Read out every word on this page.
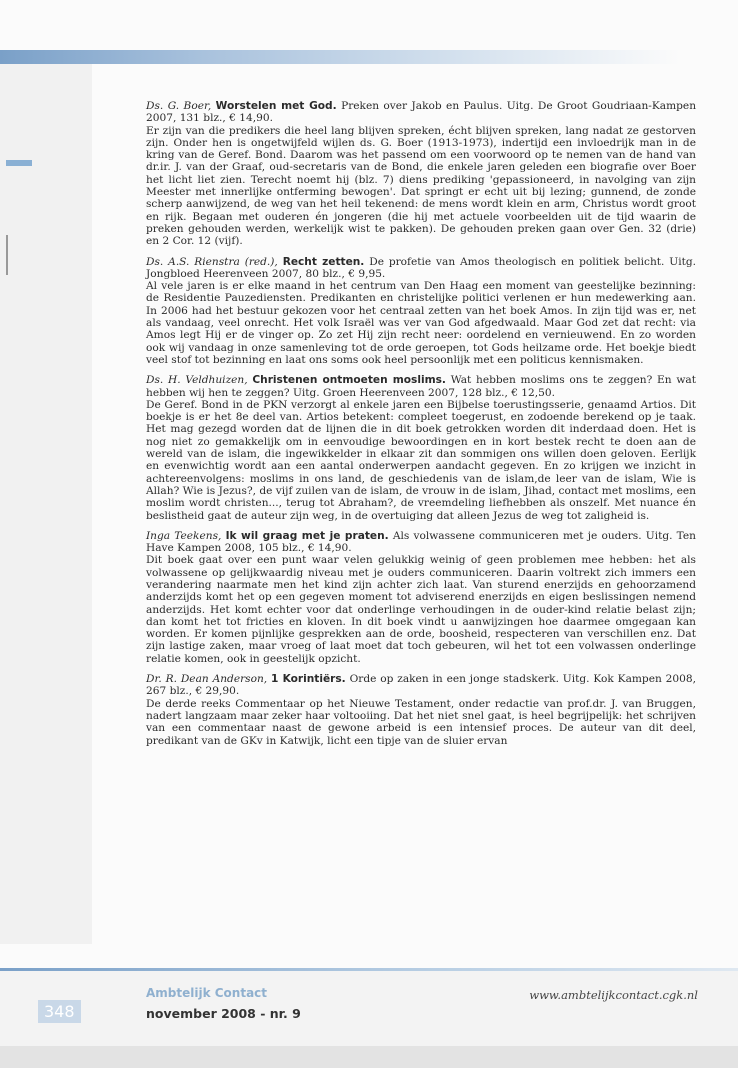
Ds. G. Boer, Worstelen met God. Preken over Jakob en Paulus. Uitg. De Groot Goudriaan-Kampen 2007, 131 blz., € 14,90.

Er zijn van die predikers die heel lang blijven spreken, écht blijven spreken, lang nadat ze gestorven zijn. Onder hen is ongetwijfeld wijlen ds. G. Boer (1913-1973), indertijd een invloedrijk man in de kring van de Geref. Bond. Daarom was het passend om een voorwoord op te nemen van de hand van dr.ir. J. van der Graaf, oud-secretaris van de Bond, die enkele jaren geleden een biografie over Boer het licht liet zien. Terecht noemt hij (blz. 7) diens prediking 'gepassioneerd, in navolging van zijn Meester met innerlijke ontferming bewogen'. Dat springt er echt uit bij lezing; gunnend, de zonde scherp aanwijzend, de weg van het heil tekenend: de mens wordt klein en arm, Christus wordt groot en rijk. Begaan met ouderen én jongeren (die hij met actuele voorbeelden uit de tijd waarin de preken gehouden werden, werkelijk wist te pakken). De gehouden preken gaan over Gen. 32 (drie) en 2 Cor. 12 (vijf).

Ds. A.S. Rienstra (red.), Recht zetten. De profetie van Amos theologisch en politiek belicht. Uitg. Jongbloed Heerenveen 2007, 80 blz., € 9,95.

Al vele jaren is er elke maand in het centrum van Den Haag een moment van geestelijke bezinning: de Residentie Pauzediensten. Predikanten en christelijke politici verlenen er hun medewerking aan. In 2006 had het bestuur gekozen voor het centraal zetten van het boek Amos. In zijn tijd was er, net als vandaag, veel onrecht. Het volk Israël was ver van God afgedwaald. Maar God zet dat recht: via Amos legt Hij er de vinger op. Zo zet Hij zijn recht neer: oordelend en vernieuwend. En zo worden ook wij vandaag in onze samenleving tot de orde geroepen, tot Gods heilzame orde. Het boekje biedt veel stof tot bezinning en laat ons soms ook heel persoonlijk met een politicus kennismaken.

Ds. H. Veldhuizen, Christenen ontmoeten moslims. Wat hebben moslims ons te zeggen? En wat hebben wij hen te zeggen? Uitg. Groen Heerenveen 2007, 128 blz., € 12,50.

De Geref. Bond in de PKN verzorgt al enkele jaren een Bijbelse toerustingsserie, genaamd Artios. Dit boekje is er het 8e deel van. Artios betekent: compleet toegerust, en zodoende berekend op je taak. Het mag gezegd worden dat de lijnen die in dit boek getrokken worden dit inderdaad doen. Het is nog niet zo gemakkelijk om in eenvoudige bewoordingen en in kort bestek recht te doen aan de wereld van de islam, die ingewikkelder in elkaar zit dan sommigen ons willen doen geloven. Eerlijk en evenwichtig wordt aan een aantal onderwerpen aandacht gegeven. En zo krijgen we inzicht in achtereenvolgens: moslims in ons land, de geschiedenis van de islam,de leer van de islam, Wie is Allah? Wie is Jezus?, de vijf zuilen van de islam, de vrouw in de islam, Jihad, contact met moslims, een moslim wordt christen..., terug tot Abraham?, de vreemdeling liefhebben als onszelf. Met nuance én beslistheid gaat de auteur zijn weg, in de overtuiging dat alleen Jezus de weg tot zaligheid is.

Inga Teekens, Ik wil graag met je praten. Als volwassene communiceren met je ouders. Uitg. Ten Have Kampen 2008, 105 blz., € 14,90.

Dit boek gaat over een punt waar velen gelukkig weinig of geen problemen mee hebben: het als volwassene op gelijkwaardig niveau met je ouders communiceren. Daarin voltrekt zich immers een verandering naarmate men het kind zijn achter zich laat. Van sturend enerzijds en gehoorzamend anderzijds komt het op een gegeven moment tot adviserend enerzijds en eigen beslissingen nemend anderzijds. Het komt echter voor dat onderlinge verhoudingen in de ouder-kind relatie belast zijn; dan komt het tot fricties en kloven. In dit boek vindt u aanwijzingen hoe daarmee omgegaan kan worden. Er komen pijnlijke gesprekken aan de orde, boosheid, respecteren van verschillen enz. Dat zijn lastige zaken, maar vroeg of laat moet dat toch gebeuren, wil het tot een volwassen onderlinge relatie komen, ook in geestelijk opzicht.

Dr. R. Dean Anderson, 1 Korintiërs. Orde op zaken in een jonge stadskerk. Uitg. Kok Kampen 2008, 267 blz., € 29,90.

De derde reeks Commentaar op het Nieuwe Testament, onder redactie van prof.dr. J. van Bruggen, nadert langzaam maar zeker haar voltooiing. Dat het niet snel gaat, is heel begrijpelijk: het schrijven van een commentaar naast de gewone arbeid is een intensief proces. De auteur van dit deel, predikant van de GKv in Katwijk, licht een tipje van de sluier ervan

348
Ambtelijk Contact
november 2008 - nr. 9
www.ambtelijkcontact.cgk.nl
